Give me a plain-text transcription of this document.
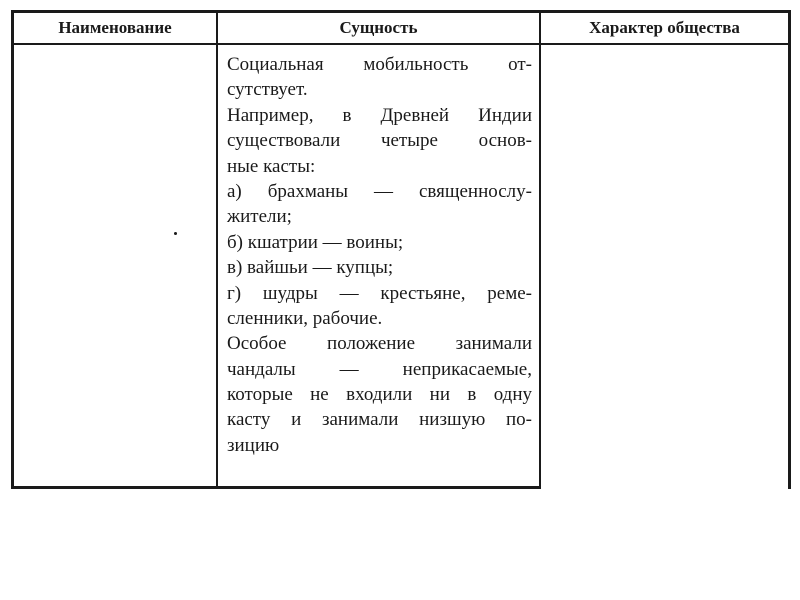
Наименование	Сущность	Характер общества
Социальная мобильность от-
сутствует.
Например, в Древней Индии
существовали четыре основ-
ные касты:
а) брахманы — священнослу-
жители;
б) кшатрии — воины;
в) вайшьи — купцы;
г) шудры — крестьяне, реме-
сленники, рабочие.
Особое положение занимали
чандалы — неприкасаемые,
которые не входили ни в одну
касту и занимали низшую по-
зицию
